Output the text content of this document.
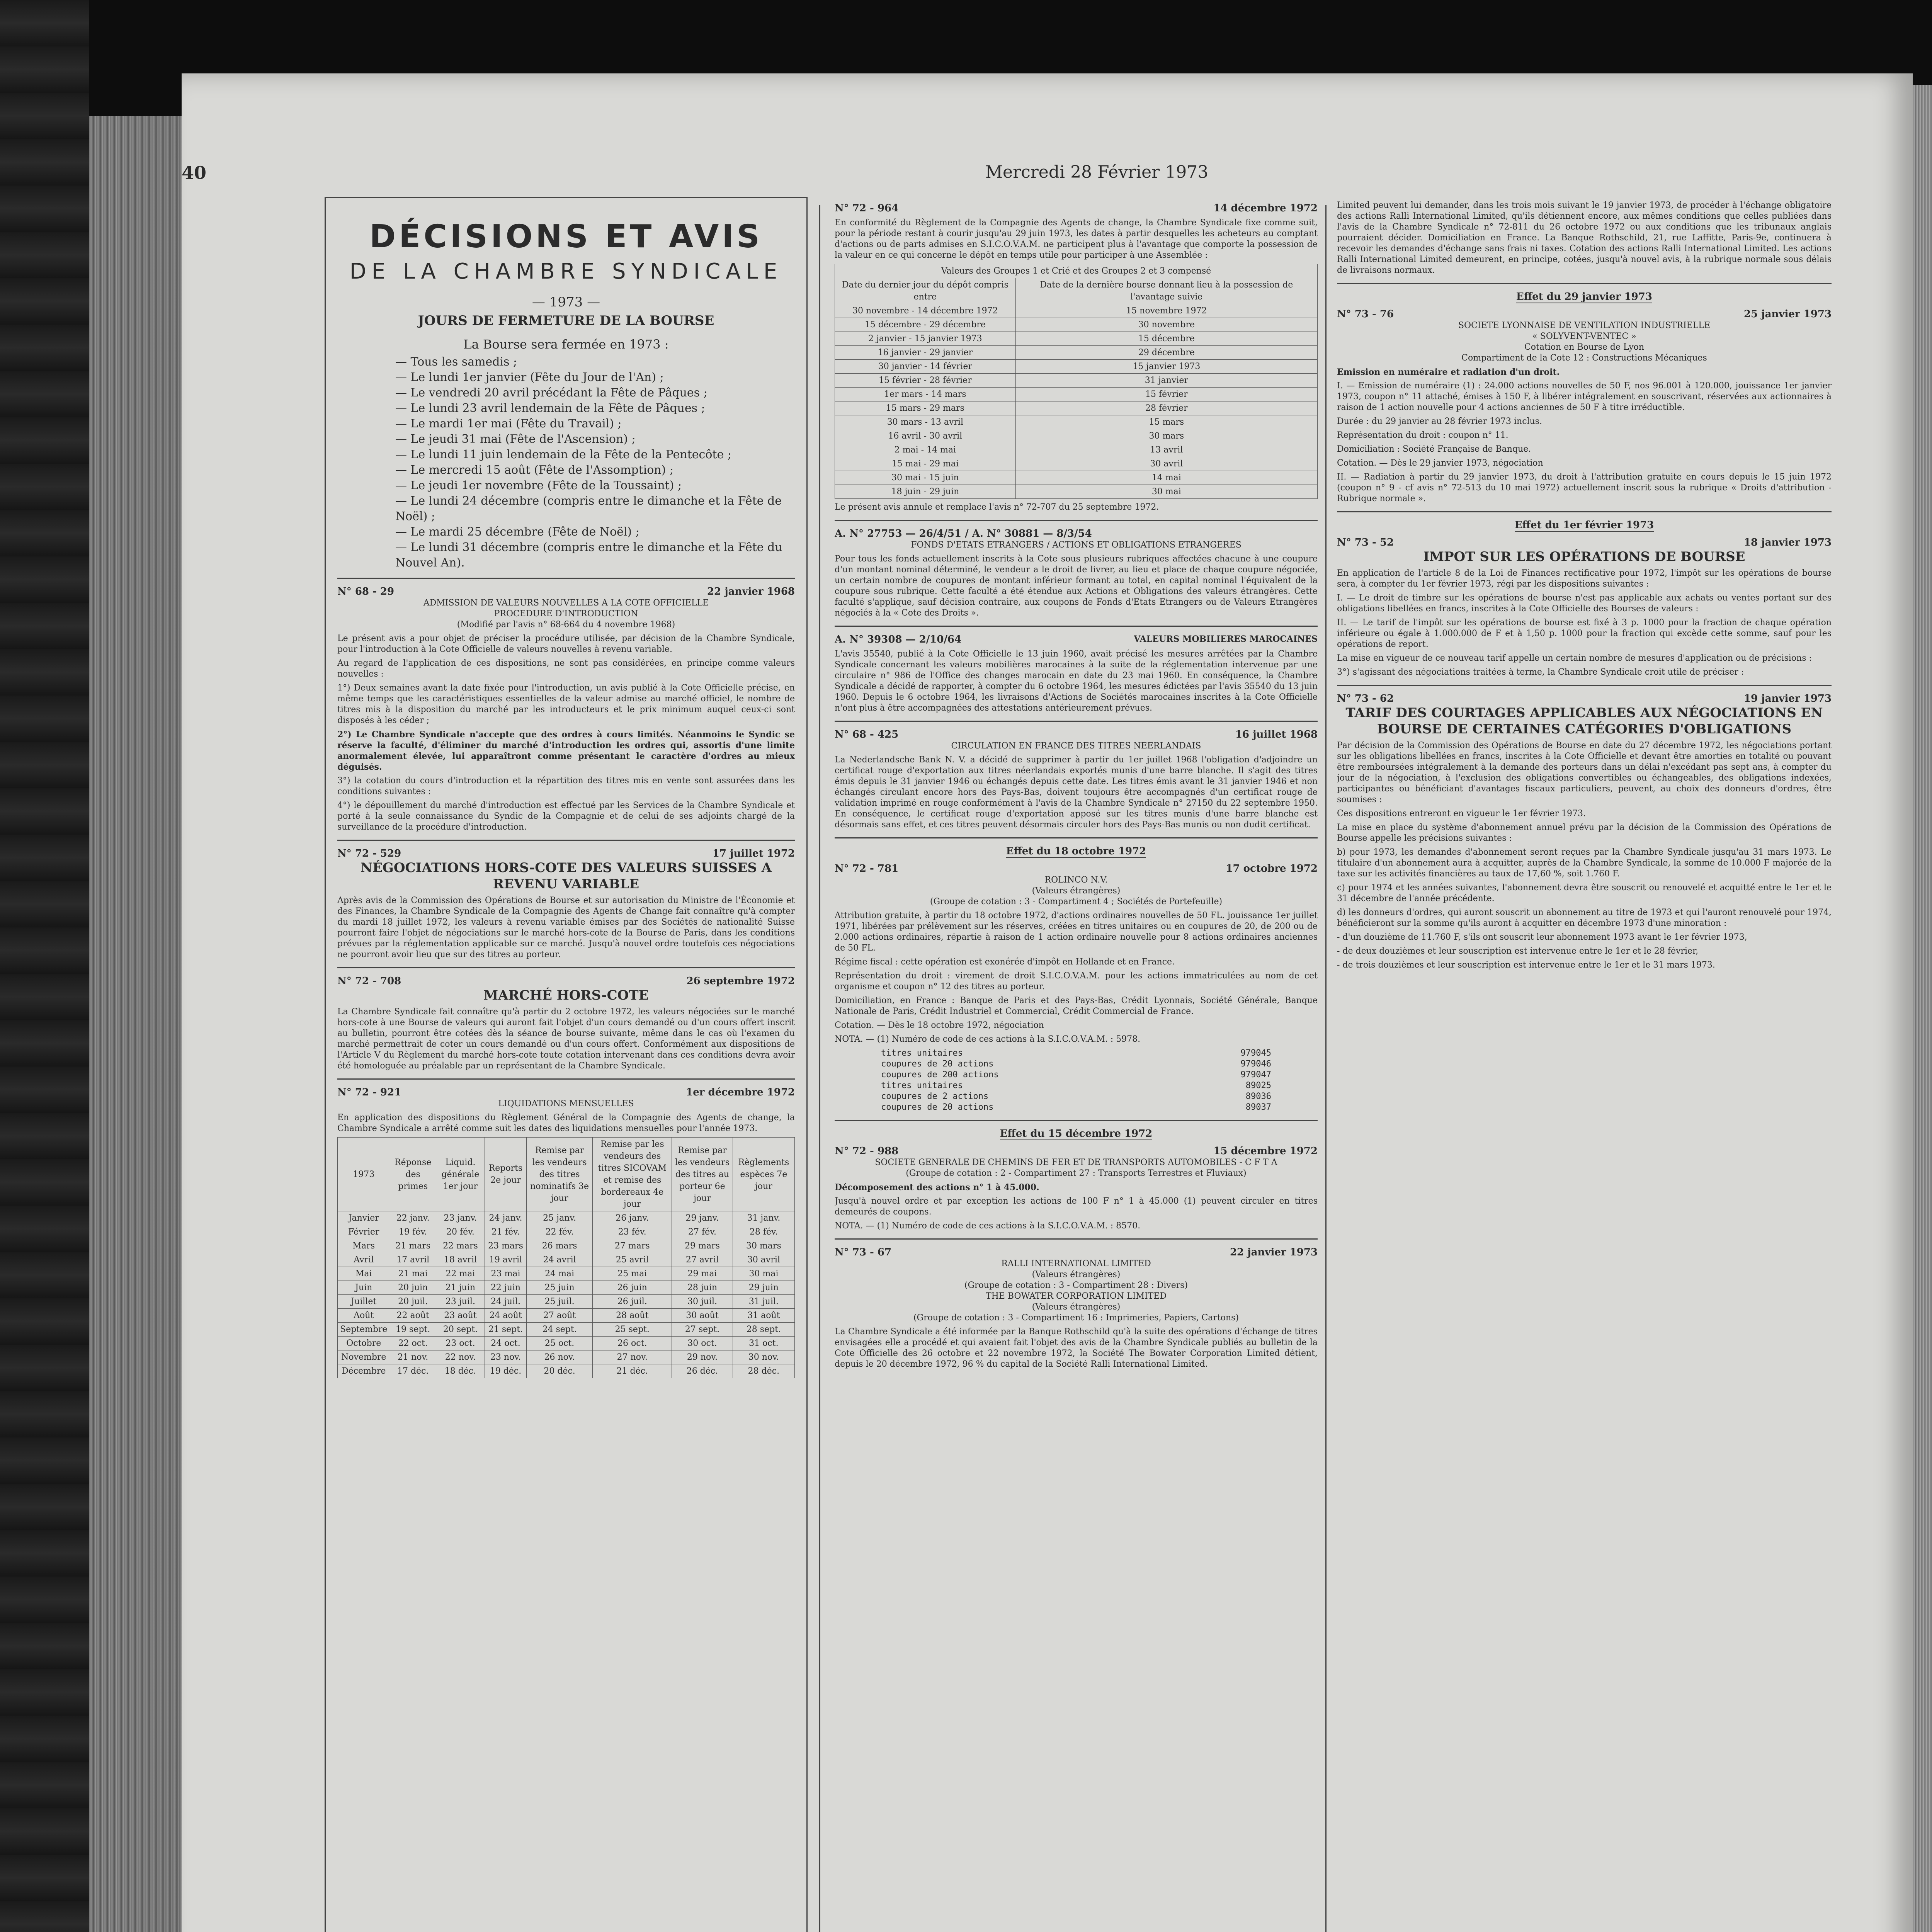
40	Mercredi 28 Février 1973
DÉCISIONS ET AVIS
DE LA CHAMBRE SYNDICALE
— 1973 —
JOURS DE FERMETURE DE LA BOURSE
La Bourse sera fermée en 1973 :
— Tous les samedis ;
— Le lundi 1er janvier (Fête du Jour de l'An) ;
— Le vendredi 20 avril précédant la Fête de Pâques ;
— Le lundi 23 avril lendemain de la Fête de Pâques ;
— Le mardi 1er mai (Fête du Travail) ;
— Le jeudi 31 mai (Fête de l'Ascension) ;
— Le lundi 11 juin lendemain de la Fête de la Pentecôte ;
— Le mercredi 15 août (Fête de l'Assomption) ;
— Le jeudi 1er novembre (Fête de la Toussaint) ;
— Le lundi 24 décembre (compris entre le dimanche et la Fête de Noël) ;
— Le mardi 25 décembre (Fête de Noël) ;
— Le lundi 31 décembre (compris entre le dimanche et la Fête du Nouvel An).
N° 68 - 29	22 janvier 1968
ADMISSION DE VALEURS NOUVELLES A LA COTE OFFICIELLE
PROCEDURE D'INTRODUCTION
(Modifié par l'avis n° 68-664 du 4 novembre 1968)
Le présent avis a pour objet de préciser la procédure utilisée, par décision de la Chambre Syndicale, pour l'introduction à la Cote Officielle de valeurs nouvelles à revenu variable.
Au regard de l'application de ces dispositions, ne sont pas considérées, en principe comme valeurs nouvelles :
1°) Deux semaines avant la date fixée pour l'introduction, un avis publié à la Cote Officielle précise, en même temps que les caractéristiques essentielles de la valeur admise au marché officiel, le nombre de titres mis à la disposition du marché par les introducteurs et le prix minimum auquel ceux-ci sont disposés à les céder ;
2°) Le Chambre Syndicale n'accepte que des ordres à cours limités. Néanmoins le Syndic se réserve la faculté, d'éliminer du marché d'introduction les ordres qui, assortis d'une limite anormalement élevée, lui apparaîtront comme présentant le caractère d'ordres au mieux déguisés.
3°) la cotation du cours d'introduction et la répartition des titres mis en vente sont assurées dans les conditions suivantes :
4°) le dépouillement du marché d'introduction est effectué par les Services de la Chambre Syndicale et porté à la seule connaissance du Syndic de la Compagnie et de celui de ses adjoints chargé de la surveillance de la procédure d'introduction.
N° 72 - 529	17 juillet 1972
NÉGOCIATIONS HORS-COTE DES VALEURS SUISSES A REVENU VARIABLE
Après avis de la Commission des Opérations de Bourse et sur autorisation du Ministre de l'Économie et des Finances, la Chambre Syndicale de la Compagnie des Agents de Change fait connaître qu'à compter du mardi 18 juillet 1972, les valeurs à revenu variable émises par des Sociétés de nationalité Suisse pourront faire l'objet de négociations sur le marché hors-cote de la Bourse de Paris, dans les conditions prévues par la réglementation applicable sur ce marché. Jusqu'à nouvel ordre toutefois ces négociations ne pourront avoir lieu que sur des titres au porteur.
N° 72 - 708	26 septembre 1972
MARCHÉ HORS-COTE
La Chambre Syndicale fait connaître qu'à partir du 2 octobre 1972, les valeurs négociées sur le marché hors-cote à une Bourse de valeurs qui auront fait l'objet d'un cours demandé ou d'un cours offert inscrit au bulletin, pourront être cotées dès la séance de bourse suivante, même dans le cas où l'examen du marché permettrait de coter un cours demandé ou d'un cours offert. Conformément aux dispositions de l'Article V du Règlement du marché hors-cote toute cotation intervenant dans ces conditions devra avoir été homologuée au préalable par un représentant de la Chambre Syndicale.
N° 72 - 921	1er décembre 1972
LIQUIDATIONS MENSUELLES
En application des dispositions du Règlement Général de la Compagnie des Agents de change, la Chambre Syndicale a arrêté comme suit les dates des liquidations mensuelles pour l'année 1973.
1973	Réponse des primes	Liquid. générale 1er jour	Reports 2e jour	Remise par les vendeurs des titres nominatifs 3e jour	Remise par les vendeurs des titres SICOVAM et remise des bordereaux 4e jour	Remise par les vendeurs des titres au porteur 6e jour	Règlements espèces 7e jour
Janvier	22 janv.	23 janv.	24 janv.	25 janv.	26 janv.	29 janv.	31 janv.
Février	19 fév.	20 fév.	21 fév.	22 fév.	23 fév.	27 fév.	28 fév.
Mars	21 mars	22 mars	23 mars	26 mars	27 mars	29 mars	30 mars
Avril	17 avril	18 avril	19 avril	24 avril	25 avril	27 avril	30 avril
Mai	21 mai	22 mai	23 mai	24 mai	25 mai	29 mai	30 mai
Juin	20 juin	21 juin	22 juin	25 juin	26 juin	28 juin	29 juin
Juillet	20 juil.	23 juil.	24 juil.	25 juil.	26 juil.	30 juil.	31 juil.
Août	22 août	23 août	24 août	27 août	28 août	30 août	31 août
Septembre	19 sept.	20 sept.	21 sept.	24 sept.	25 sept.	27 sept.	28 sept.
Octobre	22 oct.	23 oct.	24 oct.	25 oct.	26 oct.	30 oct.	31 oct.
Novembre	21 nov.	22 nov.	23 nov.	26 nov.	27 nov.	29 nov.	30 nov.
Décembre	17 déc.	18 déc.	19 déc.	20 déc.	21 déc.	26 déc.	28 déc.
N° 72 - 964	14 décembre 1972
En conformité du Règlement de la Compagnie des Agents de change, la Chambre Syndicale fixe comme suit, pour la période restant à courir jusqu'au 29 juin 1973, les dates à partir desquelles les acheteurs au comptant d'actions ou de parts admises en S.I.C.O.V.A.M. ne participent plus à l'avantage que comporte la possession de la valeur en ce qui concerne le dépôt en temps utile pour participer à une Assemblée :
Valeurs des Groupes 1 et Crié et des Groupes 2 et 3 compensé	
Date du dernier jour du dépôt compris entre	Date de la dernière bourse donnant lieu à la possession de l'avantage suivie
30 novembre - 14 décembre 1972	15 novembre 1972
15 décembre - 29 décembre	30 novembre
2 janvier - 15 janvier 1973	15 décembre
16 janvier - 29 janvier	29 décembre
30 janvier - 14 février	15 janvier 1973
15 février - 28 février	31 janvier
1er mars - 14 mars	15 février
15 mars - 29 mars	28 février
30 mars - 13 avril	15 mars
16 avril - 30 avril	30 mars
2 mai - 14 mai	13 avril
15 mai - 29 mai	30 avril
30 mai - 15 juin	14 mai
18 juin - 29 juin	30 mai
Le présent avis annule et remplace l'avis n° 72-707 du 25 septembre 1972.
A. N° 27753 — 26/4/51 / A. N° 30881 — 8/3/54
FONDS D'ETATS ETRANGERS / ACTIONS ET OBLIGATIONS ETRANGERES
Pour tous les fonds actuellement inscrits à la Cote sous plusieurs rubriques affectées chacune à une coupure d'un montant nominal déterminé, le vendeur a le droit de livrer, au lieu et place de chaque coupure négociée, un certain nombre de coupures de montant inférieur formant au total, en capital nominal l'équivalent de la coupure sous rubrique. Cette faculté a été étendue aux Actions et Obligations des valeurs étrangères. Cette faculté s'applique, sauf décision contraire, aux coupons de Fonds d'Etats Etrangers ou de Valeurs Etrangères négociés à la « Cote des Droits ».
A. N° 39308 — 2/10/64	VALEURS MOBILIERES MAROCAINES
L'avis 35540, publié à la Cote Officielle le 13 juin 1960, avait précisé les mesures arrêtées par la Chambre Syndicale concernant les valeurs mobilières marocaines à la suite de la réglementation intervenue par une circulaire n° 986 de l'Office des changes marocain en date du 23 mai 1960. En conséquence, la Chambre Syndicale a décidé de rapporter, à compter du 6 octobre 1964, les mesures édictées par l'avis 35540 du 13 juin 1960. Depuis le 6 octobre 1964, les livraisons d'Actions de Sociétés marocaines inscrites à la Cote Officielle n'ont plus à être accompagnées des attestations antérieurement prévues.
N° 68 - 425	16 juillet 1968
CIRCULATION EN FRANCE DES TITRES NEERLANDAIS
La Nederlandsche Bank N. V. a décidé de supprimer à partir du 1er juillet 1968 l'obligation d'adjoindre un certificat rouge d'exportation aux titres néerlandais exportés munis d'une barre blanche. Il s'agit des titres émis depuis le 31 janvier 1946 ou échangés depuis cette date. Les titres émis avant le 31 janvier 1946 et non échangés circulant encore hors des Pays-Bas, doivent toujours être accompagnés d'un certificat rouge de validation imprimé en rouge conformément à l'avis de la Chambre Syndicale n° 27150 du 22 septembre 1950. En conséquence, le certificat rouge d'exportation apposé sur les titres munis d'une barre blanche est désormais sans effet, et ces titres peuvent désormais circuler hors des Pays-Bas munis ou non dudit certificat.
Effet du 18 octobre 1972
N° 72 - 781	17 octobre 1972
ROLINCO N.V.
(Valeurs étrangères)
(Groupe de cotation : 3 - Compartiment 4 ; Sociétés de Portefeuille)
Attribution gratuite, à partir du 18 octobre 1972, d'actions ordinaires nouvelles de 50 FL. jouissance 1er juillet 1971, libérées par prélèvement sur les réserves, créées en titres unitaires ou en coupures de 20, de 200 ou de 2.000 actions ordinaires, répartie à raison de 1 action ordinaire nouvelle pour 8 actions ordinaires anciennes de 50 FL.
Régime fiscal : cette opération est exonérée d'impôt en Hollande et en France.
Représentation du droit : virement de droit S.I.C.O.V.A.M. pour les actions immatriculées au nom de cet organisme et coupon n° 12 des titres au porteur.
Domiciliation, en France : Banque de Paris et des Pays-Bas, Crédit Lyonnais, Société Générale, Banque Nationale de Paris, Crédit Industriel et Commercial, Crédit Commercial de France.
Cotation. — Dès le 18 octobre 1972, négociation
NOTA. — (1) Numéro de code de ces actions à la S.I.C.O.V.A.M. : 5978.
titres unitaires	979045
coupures de 20 actions	979046
coupures de 200 actions	979047
titres unitaires	89025
coupures de 2 actions	89036
coupures de 20 actions	89037
Effet du 15 décembre 1972
N° 72 - 988	15 décembre 1972
SOCIETE GENERALE DE CHEMINS DE FER ET DE TRANSPORTS AUTOMOBILES - C F T A
(Groupe de cotation : 2 - Compartiment 27 : Transports Terrestres et Fluviaux)
Décomposement des actions n° 1 à 45.000.
Jusqu'à nouvel ordre et par exception les actions de 100 F n° 1 à 45.000 (1) peuvent circuler en titres demeurés de coupons.
NOTA. — (1) Numéro de code de ces actions à la S.I.C.O.V.A.M. : 8570.
N° 73 - 67	22 janvier 1973
RALLI INTERNATIONAL LIMITED
(Valeurs étrangères)
(Groupe de cotation : 3 - Compartiment 28 : Divers)
THE BOWATER CORPORATION LIMITED
(Valeurs étrangères)
(Groupe de cotation : 3 - Compartiment 16 : Imprimeries, Papiers, Cartons)
La Chambre Syndicale a été informée par la Banque Rothschild qu'à la suite des opérations d'échange de titres envisagées elle a procédé et qui avaient fait l'objet des avis de la Chambre Syndicale publiés au bulletin de la Cote Officielle des 26 octobre et 22 novembre 1972, la Société The Bowater Corporation Limited détient, depuis le 20 décembre 1972, 96 % du capital de la Société Ralli International Limited.
Limited peuvent lui demander, dans les trois mois suivant le 19 janvier 1973, de procéder à l'échange obligatoire des actions Ralli International Limited, qu'ils détiennent encore, aux mêmes conditions que celles publiées dans l'avis de la Chambre Syndicale n° 72-811 du 26 octobre 1972 ou aux conditions que les tribunaux anglais pourraient décider. Domiciliation en France. La Banque Rothschild, 21, rue Laffitte, Paris-9e, continuera à recevoir les demandes d'échange sans frais ni taxes. Cotation des actions Ralli International Limited. Les actions Ralli International Limited demeurent, en principe, cotées, jusqu'à nouvel avis, à la rubrique normale sous délais de livraisons normaux.
Effet du 29 janvier 1973
N° 73 - 76	25 janvier 1973
SOCIETE LYONNAISE DE VENTILATION INDUSTRIELLE
« SOLYVENT-VENTEC »
Cotation en Bourse de Lyon
Compartiment de la Cote 12 : Constructions Mécaniques
Emission en numéraire et radiation d'un droit.
I. — Emission de numéraire (1) : 24.000 actions nouvelles de 50 F, nos 96.001 à 120.000, jouissance 1er janvier 1973, coupon n° 11 attaché, émises à 150 F, à libérer intégralement en souscrivant, réservées aux actionnaires à raison de 1 action nouvelle pour 4 actions anciennes de 50 F à titre irréductible.
Durée : du 29 janvier au 28 février 1973 inclus.
Représentation du droit : coupon n° 11.
Domiciliation : Société Française de Banque.
Cotation. — Dès le 29 janvier 1973, négociation
II. — Radiation à partir du 29 janvier 1973, du droit à l'attribution gratuite en cours depuis le 15 juin 1972 (coupon n° 9 - cf avis n° 72-513 du 10 mai 1972) actuellement inscrit sous la rubrique « Droits d'attribution - Rubrique normale ».
Effet du 1er février 1973
N° 73 - 52	18 janvier 1973
IMPOT SUR LES OPÉRATIONS DE BOURSE
En application de l'article 8 de la Loi de Finances rectificative pour 1972, l'impôt sur les opérations de bourse sera, à compter du 1er février 1973, régi par les dispositions suivantes :
I. — Le droit de timbre sur les opérations de bourse n'est pas applicable aux achats ou ventes portant sur des obligations libellées en francs, inscrites à la Cote Officielle des Bourses de valeurs :
II. — Le tarif de l'impôt sur les opérations de bourse est fixé à 3 p. 1000 pour la fraction de chaque opération inférieure ou égale à 1.000.000 de F et à 1,50 p. 1000 pour la fraction qui excède cette somme, sauf pour les opérations de report.
La mise en vigueur de ce nouveau tarif appelle un certain nombre de mesures d'application ou de précisions :
3°) s'agissant des négociations traitées à terme, la Chambre Syndicale croit utile de préciser :
N° 73 - 62	19 janvier 1973
TARIF DES COURTAGES APPLICABLES AUX NÉGOCIATIONS EN BOURSE DE CERTAINES CATÉGORIES D'OBLIGATIONS
Par décision de la Commission des Opérations de Bourse en date du 27 décembre 1972, les négociations portant sur les obligations libellées en francs, inscrites à la Cote Officielle et devant être amorties en totalité ou pouvant être remboursées intégralement à la demande des porteurs dans un délai n'excédant pas sept ans, à compter du jour de la négociation, à l'exclusion des obligations convertibles ou échangeables, des obligations indexées, participantes ou bénéficiant d'avantages fiscaux particuliers, peuvent, au choix des donneurs d'ordres, être soumises :
Ces dispositions entreront en vigueur le 1er février 1973.
La mise en place du système d'abonnement annuel prévu par la décision de la Commission des Opérations de Bourse appelle les précisions suivantes :
b) pour 1973, les demandes d'abonnement seront reçues par la Chambre Syndicale jusqu'au 31 mars 1973. Le titulaire d'un abonnement aura à acquitter, auprès de la Chambre Syndicale, la somme de 10.000 F majorée de la taxe sur les activités financières au taux de 17,60 %, soit 1.760 F.
c) pour 1974 et les années suivantes, l'abonnement devra être souscrit ou renouvelé et acquitté entre le 1er et le 31 décembre de l'année précédente.
d) les donneurs d'ordres, qui auront souscrit un abonnement au titre de 1973 et qui l'auront renouvelé pour 1974, bénéficieront sur la somme qu'ils auront à acquitter en décembre 1973 d'une minoration :
- d'un douzième de 11.760 F, s'ils ont souscrit leur abonnement 1973 avant le 1er février 1973,
- de deux douzièmes et leur souscription est intervenue entre le 1er et le 28 février,
- de trois douzièmes et leur souscription est intervenue entre le 1er et le 31 mars 1973.
